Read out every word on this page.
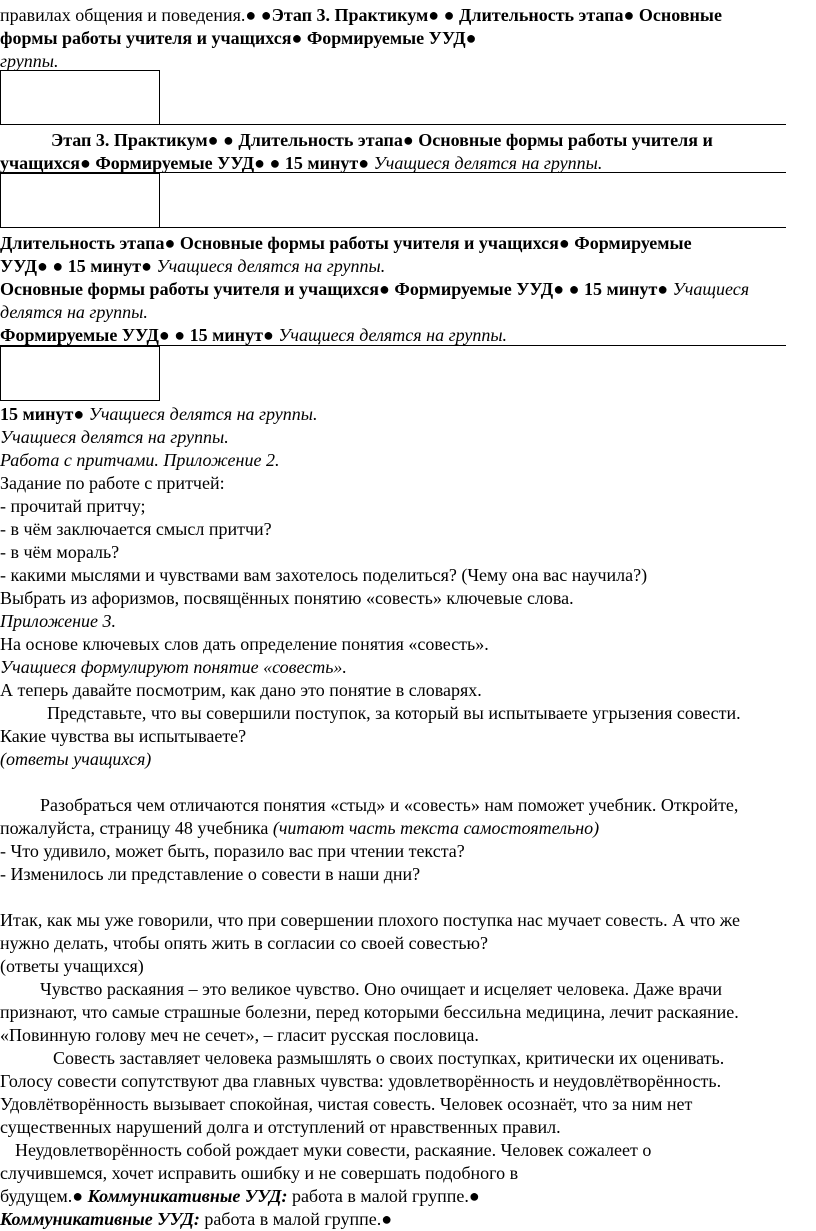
правилах общения и поведения.● ●Этап 3. Практикум● ● Длительность этапа● Основные
формы работы учителя и учащихся● Формируемые УУД●
группы.
Этап 3. Практикум● ● Длительность этапа● Основные формы работы учителя и
учащихся● Формируемые УУД● ● 15 минут● Учащиеся делятся на группы.
Длительность этапа● Основные формы работы учителя и учащихся● Формируемые
УУД● ● 15 минут● Учащиеся делятся на группы.
Основные формы работы учителя и учащихся● Формируемые УУД● ● 15 минут● Учащиеся
делятся на группы.
Формируемые УУД● ● 15 минут● Учащиеся делятся на группы.
15 минут● Учащиеся делятся на группы.
Учащиеся делятся на группы.
Работа с притчами. Приложение 2.
Задание по работе с притчей:
- прочитай притчу;
- в чём заключается смысл притчи?
- в чём мораль?
- какими мыслями и чувствами вам захотелось поделиться? (Чему она вас научила?)
Выбрать из афоризмов, посвящённых понятию «совесть» ключевые слова.
Приложение 3.
На основе ключевых слов дать определение понятия «совесть».
Учащиеся формулируют понятие «совесть».
А теперь давайте посмотрим, как дано это понятие в словарях.
Представьте, что вы совершили поступок, за который вы испытываете угрызения совести.
Какие чувства вы испытываете?
(ответы учащихся)
Разобраться чем отличаются понятия «стыд» и «совесть» нам поможет учебник. Откройте,
пожалуйста, страницу 48 учебника (читают часть текста самостоятельно)
- Что удивило, может быть, поразило вас при чтении текста?
- Изменилось ли представление о совести в наши дни?
Итак, как мы уже говорили, что при совершении плохого поступка нас мучает совесть. А что же
нужно делать, чтобы опять жить в согласии со своей совестью?
(ответы учащихся)
Чувство раскаяния – это великое чувство. Оно очищает и исцеляет человека. Даже врачи
признают, что самые страшные болезни, перед которыми бессильна медицина, лечит раскаяние.
«Повинную голову меч не сечет», – гласит русская пословица.
Совесть заставляет человека размышлять о своих поступках, критически их оценивать.
Голосу совести сопутствуют два главных чувства: удовлетворённость и неудовлётворённость.
Удовлётворённость вызывает спокойная, чистая совесть. Человек осознаёт, что за ним нет
существенных нарушений долга и отступлений от нравственных правил.
Неудовлетворённость собой рождает муки совести, раскаяние. Человек сожалеет о
случившемся, хочет исправить ошибку и не совершать подобного в
будущем.● Коммуникативные УУД: работа в малой группе.●
Коммуникативные УУД: работа в малой группе.●
